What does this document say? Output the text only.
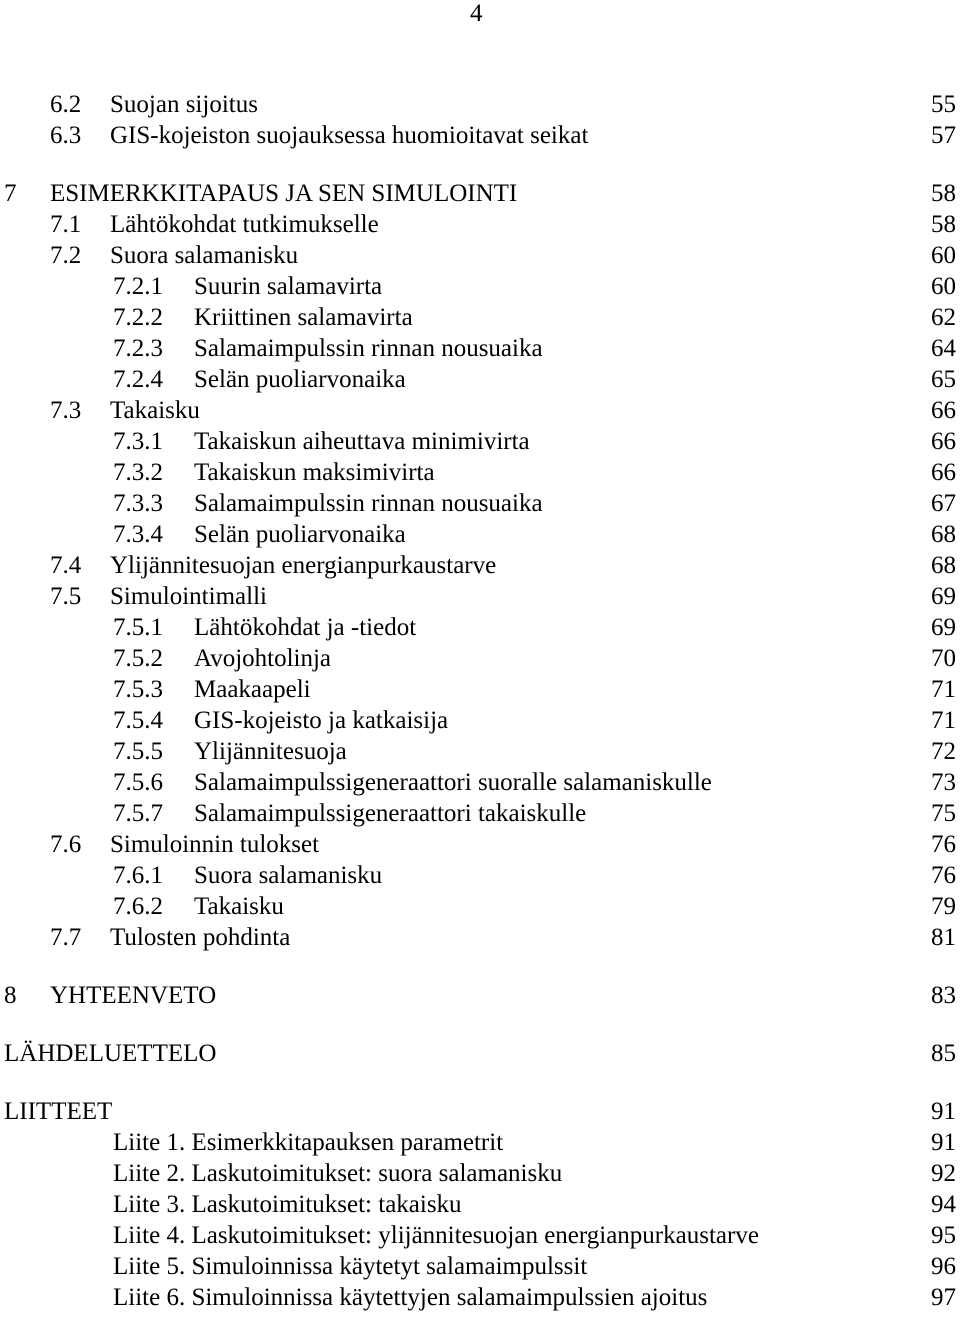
4
6.2 Suojan sijoitus	55
6.3 GIS-kojeiston suojauksessa huomioitavat seikat	57
7 ESIMERKKITAPAUS JA SEN SIMULOINTI	58
7.1 Lähtökohdat tutkimukselle	58
7.2 Suora salamanisku	60
7.2.1 Suurin salamavirta	60
7.2.2 Kriittinen salamavirta	62
7.2.3 Salamaimpulssin rinnan nousuaika	64
7.2.4 Selän puoliarvonaika	65
7.3 Takaisku	66
7.3.1 Takaiskun aiheuttava minimivirta	66
7.3.2 Takaiskun maksimivirta	66
7.3.3 Salamaimpulssin rinnan nousuaika	67
7.3.4 Selän puoliarvonaika	68
7.4 Ylijännitesuojan energianpurkaustarve	68
7.5 Simulointimalli	69
7.5.1 Lähtökohdat ja -tiedot	69
7.5.2 Avojohtolinja	70
7.5.3 Maakaapeli	71
7.5.4 GIS-kojeisto ja katkaisija	71
7.5.5 Ylijännitesuoja	72
7.5.6 Salamaimpulssigeneraattori suoralle salamaniskulle	73
7.5.7 Salamaimpulssigeneraattori takaiskulle	75
7.6 Simuloinnin tulokset	76
7.6.1 Suora salamanisku	76
7.6.2 Takaisku	79
7.7 Tulosten pohdinta	81
8 YHTEENVETO	83
LÄHDELUETTELO	85
LIITTEET	91
Liite 1. Esimerkkitapauksen parametrit	91
Liite 2. Laskutoimitukset: suora salamanisku	92
Liite 3. Laskutoimitukset: takaisku	94
Liite 4. Laskutoimitukset: ylijännitesuojan energianpurkaustarve	95
Liite 5. Simuloinnissa käytetyt salamaimpulssit	96
Liite 6. Simuloinnissa käytettyjen salamaimpulssien ajoitus	97
